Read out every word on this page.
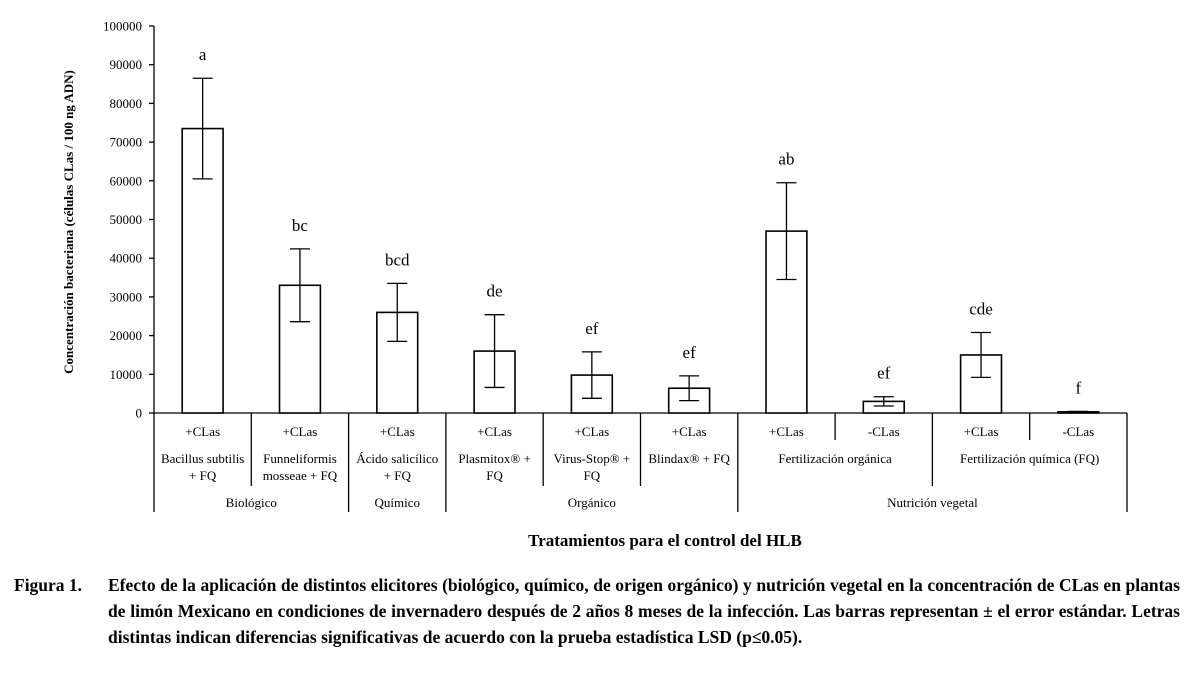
0
10000
20000
30000
40000
50000
60000
70000
80000
90000
100000
a
+CLas
Bacillus subtilis
+ FQ
bc
+CLas
Funneliformis
mosseae + FQ
bcd
+CLas
Ácido salicílico
+ FQ
de
+CLas
Plasmitox® +
FQ
ef
+CLas
Virus-Stop® +
FQ
ef
+CLas
Blindax® + FQ
ab
+CLas
ef
-CLas
cde
+CLas
f
-CLas
Fertilización orgánica	Fertilización química (FQ)
Biológico	Químico	Orgánico	Nutrición vegetal
Concentración bacteriana (células CLas / 100 ng ADN)
Tratamientos para el control del HLB
Figura 1. Efecto de la aplicación de distintos elicitores (biológico, químico, de origen orgánico) y nutrición vegetal en la concentración de CLas en plantas de limón Mexicano en condiciones de invernadero después de 2 años 8 meses de la infección. Las barras representan ± el error estándar. Letras distintas indican diferencias significativas de acuerdo con la prueba estadística LSD (p≤0.05).
